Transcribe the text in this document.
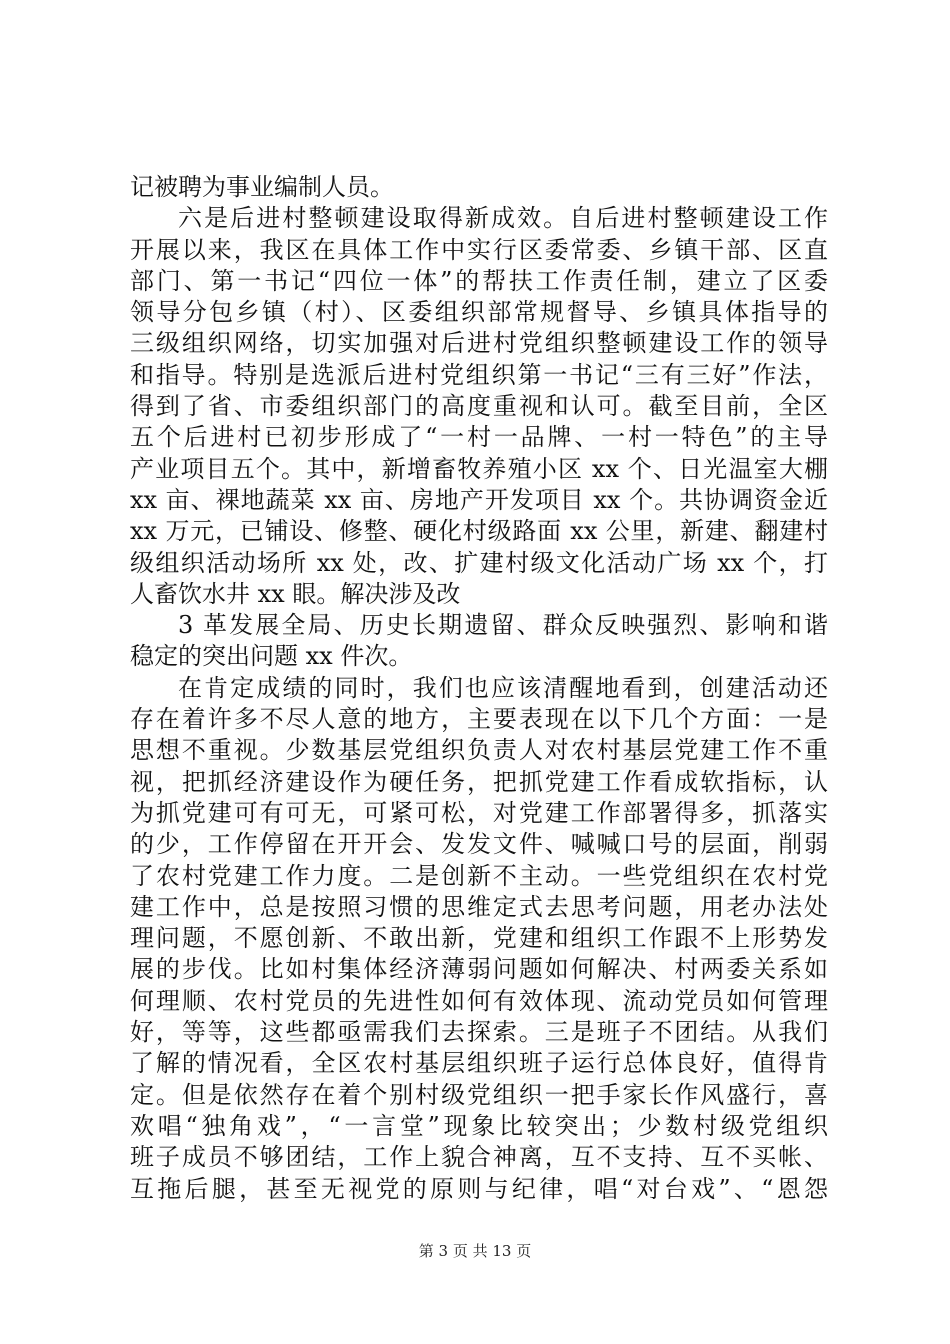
记被聘为事业编制人员。
六是后进村整顿建设取得新成效。自后进村整顿建设工作
开展以来，我区在具体工作中实行区委常委、乡镇干部、区直
部门、第一书记“四位一体”的帮扶工作责任制，建立了区委
领导分包乡镇（村）、区委组织部常规督导、乡镇具体指导的
三级组织网络，切实加强对后进村党组织整顿建设工作的领导
和指导。特别是选派后进村党组织第一书记“三有三好”作法，
得到了省、市委组织部门的高度重视和认可。截至目前，全区
五个后进村已初步形成了“一村一品牌、一村一特色”的主导
产业项目五个。其中，新增畜牧养殖小区 xx 个、日光温室大棚
xx 亩、裸地蔬菜 xx 亩、房地产开发项目 xx 个。共协调资金近
xx 万元，已铺设、修整、硬化村级路面 xx 公里，新建、翻建村
级组织活动场所 xx 处，改、扩建村级文化活动广场 xx 个，打
人畜饮水井 xx 眼。解决涉及改
3 革发展全局、历史长期遗留、群众反映强烈、影响和谐
稳定的突出问题 xx 件次。
在肯定成绩的同时，我们也应该清醒地看到，创建活动还
存在着许多不尽人意的地方，主要表现在以下几个方面：一是
思想不重视。少数基层党组织负责人对农村基层党建工作不重
视，把抓经济建设作为硬任务，把抓党建工作看成软指标，认
为抓党建可有可无，可紧可松，对党建工作部署得多，抓落实
的少，工作停留在开开会、发发文件、喊喊口号的层面，削弱
了农村党建工作力度。二是创新不主动。一些党组织在农村党
建工作中，总是按照习惯的思维定式去思考问题，用老办法处
理问题，不愿创新、不敢出新，党建和组织工作跟不上形势发
展的步伐。比如村集体经济薄弱问题如何解决、村两委关系如
何理顺、农村党员的先进性如何有效体现、流动党员如何管理
好，等等，这些都亟需我们去探索。三是班子不团结。从我们
了解的情况看，全区农村基层组织班子运行总体良好，值得肯
定。但是依然存在着个别村级党组织一把手家长作风盛行，喜
欢唱“独角戏”，“一言堂”现象比较突出；少数村级党组织
班子成员不够团结，工作上貌合神离，互不支持、互不买帐、
互拖后腿，甚至无视党的原则与纪律，唱“对台戏”、“恩怨
第 3 页 共 13 页
